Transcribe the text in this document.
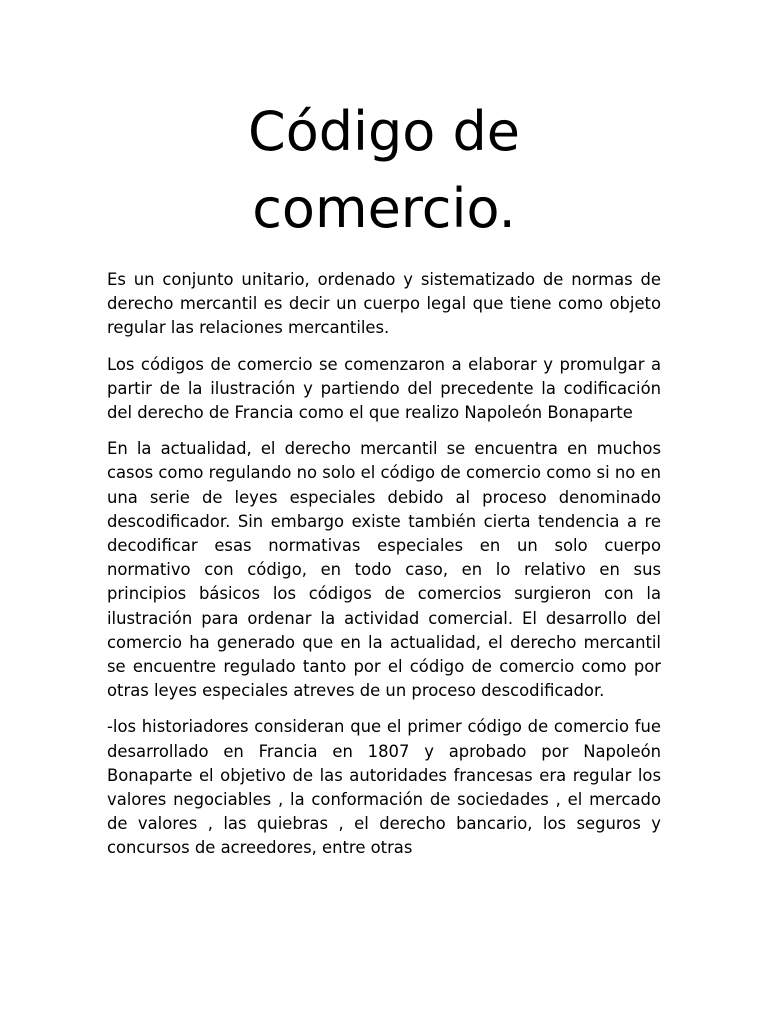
Código de
comercio.

Es un conjunto unitario, ordenado y sistematizado de normas de derecho mercantil es decir un cuerpo legal que tiene como objeto regular las relaciones mercantiles.

Los códigos de comercio se comenzaron a elaborar y promulgar a partir de la ilustración y partiendo del precedente la codificación del derecho de Francia como el que realizo Napoleón Bonaparte

En la actualidad, el derecho mercantil se encuentra en muchos casos como regulando no solo el código de comercio como si no en una serie de leyes especiales debido al proceso denominado descodificador. Sin embargo existe también cierta tendencia a re decodificar esas normativas especiales en un solo cuerpo normativo con código, en todo caso, en lo relativo en sus principios básicos los códigos de comercios surgieron con la ilustración para ordenar la actividad comercial. El desarrollo del comercio ha generado que en la actualidad, el derecho mercantil se encuentre regulado tanto por el código de comercio como por otras leyes especiales atreves de un proceso descodificador.

-los historiadores consideran que el primer código de comercio fue desarrollado en Francia en 1807 y aprobado por Napoleón Bonaparte el objetivo de las autoridades francesas era regular los valores negociables , la conformación de sociedades , el mercado de valores , las quiebras , el derecho bancario, los seguros y concursos de acreedores, entre otras
